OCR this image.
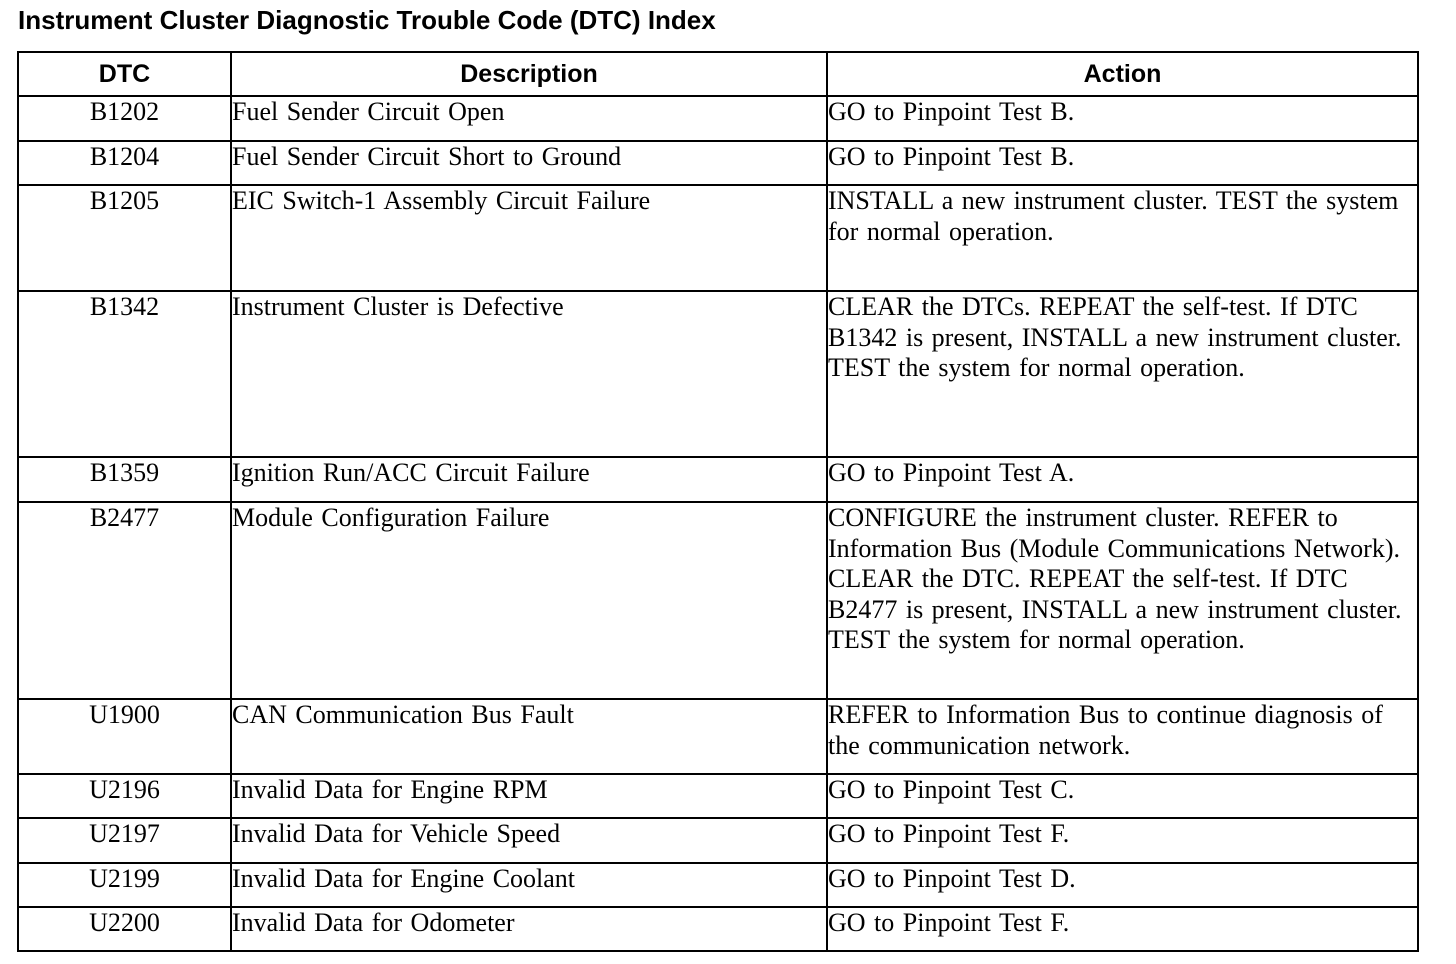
Instrument Cluster Diagnostic Trouble Code (DTC) Index
DTC	Description	Action
B1202	Fuel Sender Circuit Open	GO to Pinpoint Test B.
B1204	Fuel Sender Circuit Short to Ground	GO to Pinpoint Test B.
B1205	EIC Switch-1 Assembly Circuit Failure	INSTALL a new instrument cluster. TEST the system for normal operation.
B1342	Instrument Cluster is Defective	CLEAR the DTCs. REPEAT the self-test. If DTC B1342 is present, INSTALL a new instrument cluster. TEST the system for normal operation.
B1359	Ignition Run/ACC Circuit Failure	GO to Pinpoint Test A.
B2477	Module Configuration Failure	CONFIGURE the instrument cluster. REFER to Information Bus (Module Communications Network). CLEAR the DTC. REPEAT the self-test. If DTC B2477 is present, INSTALL a new instrument cluster. TEST the system for normal operation.
U1900	CAN Communication Bus Fault	REFER to Information Bus to continue diagnosis of the communication network.
U2196	Invalid Data for Engine RPM	GO to Pinpoint Test C.
U2197	Invalid Data for Vehicle Speed	GO to Pinpoint Test F.
U2199	Invalid Data for Engine Coolant	GO to Pinpoint Test D.
U2200	Invalid Data for Odometer	GO to Pinpoint Test F.
